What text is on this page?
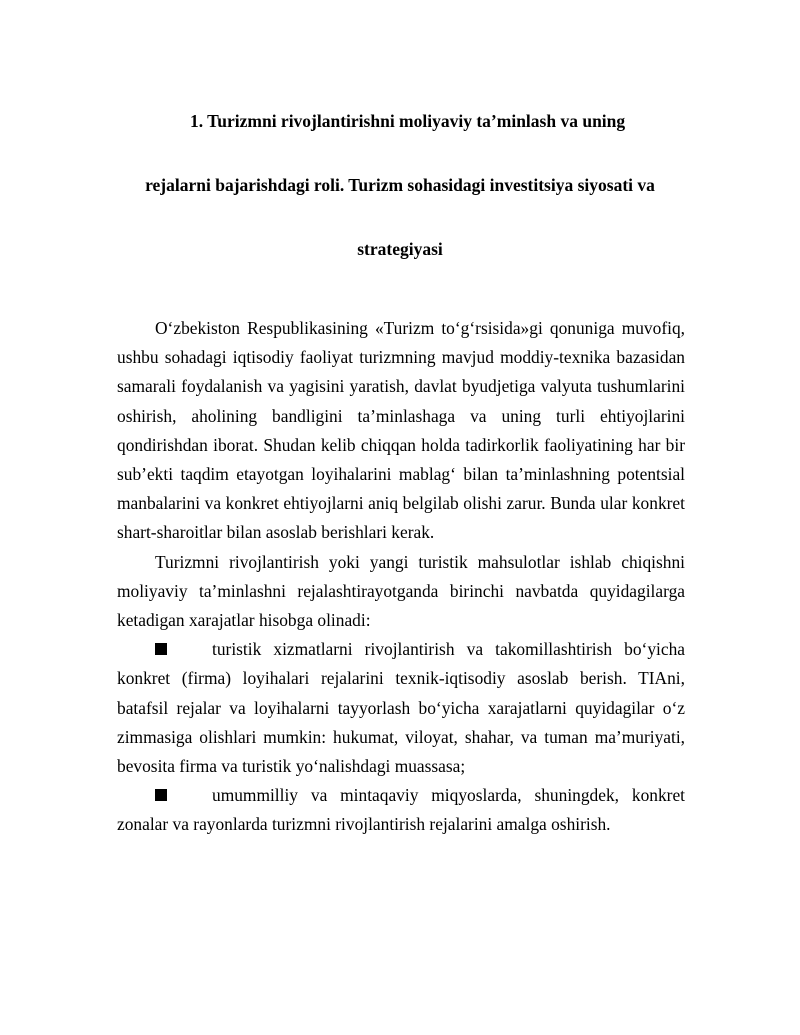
1. Turizmni rivojlantirishni moliyaviy ta’minlash va uning
rejalarni bajarishdagi roli. Turizm sohasidagi investitsiya siyosati va
strategiyasi

O‘zbekiston Respublikasining «Turizm to‘g‘rsisida»gi qonuniga muvofiq, ushbu sohadagi iqtisodiy faoliyat turizmning mavjud moddiy-texnika bazasidan samarali foydalanish va yagisini yaratish, davlat byudjetiga valyuta tushumlarini oshirish, aholining bandligini ta’minlashaga va uning turli ehtiyojlarini qondirishdan iborat. Shudan kelib chiqqan holda tadirkorlik faoliyatining har bir sub’ekti taqdim etayotgan loyihalarini mablag‘ bilan ta’minlashning potentsial manbalarini va konkret ehtiyojlarni aniq belgilab olishi zarur. Bunda ular konkret shart-sharoitlar bilan asoslab berishlari kerak.

Turizmni rivojlantirish yoki yangi turistik mahsulotlar ishlab chiqishni moliyaviy ta’minlashni rejalashtirayotganda birinchi navbatda quyidagilarga ketadigan xarajatlar hisobga olinadi:

turistik xizmatlarni rivojlantirish va takomillashtirish bo‘yicha konkret (firma) loyihalari rejalarini texnik-iqtisodiy asoslab berish. TIAni, batafsil rejalar va loyihalarni tayyorlash bo‘yicha xarajatlarni quyidagilar o‘z zimmasiga olishlari mumkin: hukumat, viloyat, shahar, va tuman ma’muriyati, bevosita firma va turistik yo‘nalishdagi muassasa;

umummilliy va mintaqaviy miqyoslarda, shuningdek, konkret zonalar va rayonlarda turizmni rivojlantirish rejalarini amalga oshirish.
